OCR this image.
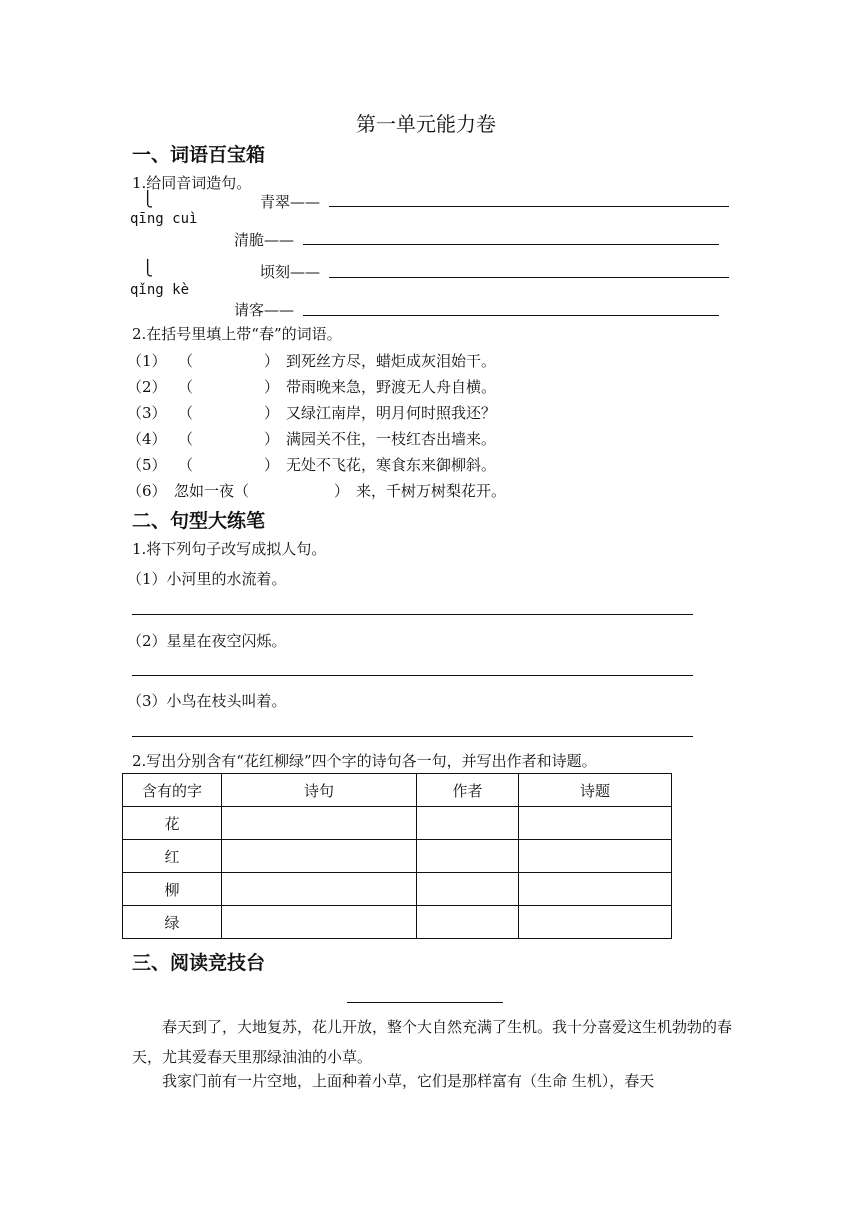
第一单元能力卷
一、词语百宝箱
1.给同音词造句。
⎩	青翠——
qīng cuì
清脆——
⎩	顷刻——
qǐng kè
请客——
2.在括号里填上带“春”的词语。
（1） （	） 到死丝方尽，蜡炬成灰泪始干。
（2） （	） 带雨晚来急，野渡无人舟自横。
（3） （	） 又绿江南岸，明月何时照我还？
（4） （	） 满园关不住，一枝红杏出墙来。
（5） （	） 无处不飞花，寒食东来御柳斜。
（6） 忽如一夜（	） 来，千树万树梨花开。
二、句型大练笔
1.将下列句子改写成拟人句。
（1）小河里的水流着。
（2）星星在夜空闪烁。
（3）小鸟在枝头叫着。
2.写出分别含有“花红柳绿”四个字的诗句各一句，并写出作者和诗题。
含有的字	诗句	作者	诗题
花			
红			
柳			
绿			
三、阅读竞技台
春天到了，大地复苏，花儿开放，整个大自然充满了生机。我十分喜爱这生机勃勃的春天，尤其爱春天里那绿油油的小草。
我家门前有一片空地，上面种着小草，它们是那样富有（生命 生机），春天
